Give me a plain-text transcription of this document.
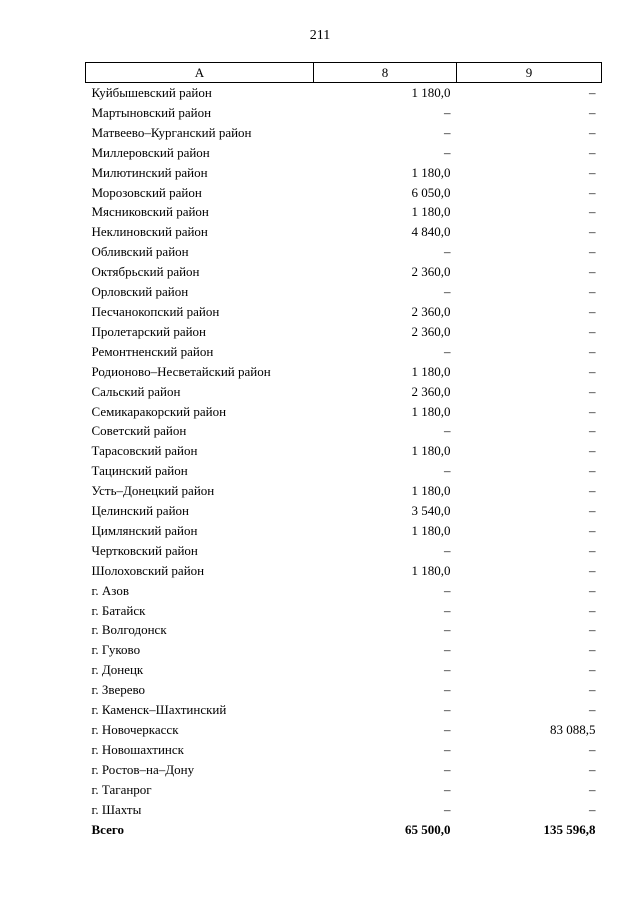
211
А	8	9
Куйбышевский район	1 180,0	–
Мартыновский район	–	–
Матвеево–Курганский район	–	–
Миллеровский район	–	–
Милютинский район	1 180,0	–
Морозовский район	6 050,0	–
Мясниковский район	1 180,0	–
Неклиновский район	4 840,0	–
Обливский район	–	–
Октябрьский район	2 360,0	–
Орловский район	–	–
Песчанокопский район	2 360,0	–
Пролетарский район	2 360,0	–
Ремонтненский район	–	–
Родионово–Несветайский район	1 180,0	–
Сальский район	2 360,0	–
Семикаракорский район	1 180,0	–
Советский район	–	–
Тарасовский район	1 180,0	–
Тацинский район	–	–
Усть–Донецкий район	1 180,0	–
Целинский район	3 540,0	–
Цимлянский район	1 180,0	–
Чертковский район	–	–
Шолоховский район	1 180,0	–
г. Азов	–	–
г. Батайск	–	–
г. Волгодонск	–	–
г. Гуково	–	–
г. Донецк	–	–
г. Зверево	–	–
г. Каменск–Шахтинский	–	–
г. Новочеркасск	–	83 088,5
г. Новошахтинск	–	–
г. Ростов–на–Дону	–	–
г. Таганрог	–	–
г. Шахты	–	–
Всего	65 500,0	135 596,8
